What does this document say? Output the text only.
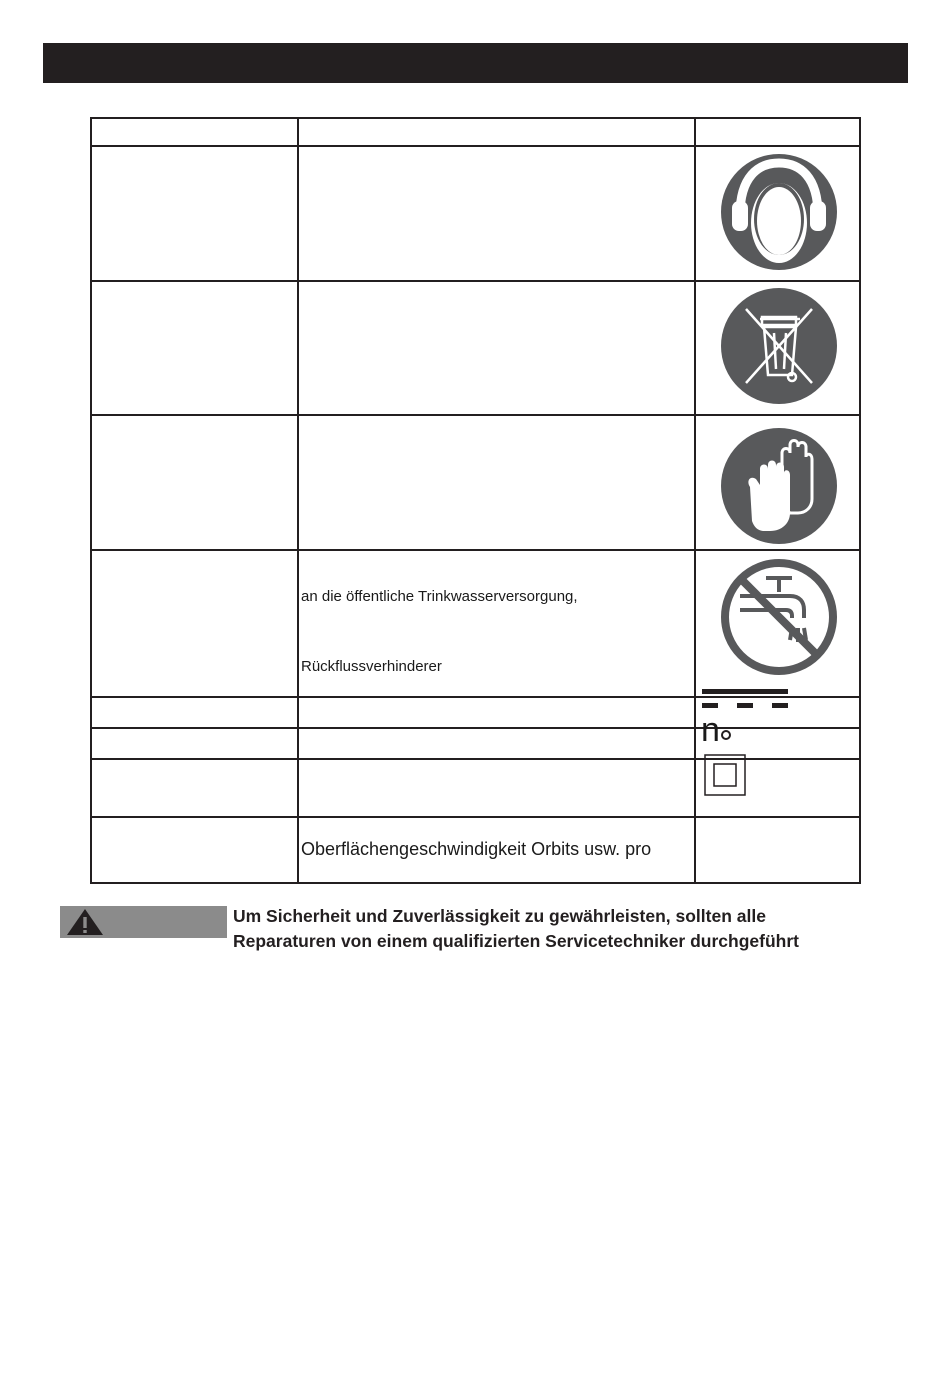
an die öffentliche Trinkwasserversorgung,
Rückflussverhinderer
n
Oberflächengeschwindigkeit Orbits usw. pro
Um Sicherheit und Zuverlässigkeit zu gewährleisten, sollten alle
Reparaturen von einem qualifizierten Servicetechniker durchgeführt
